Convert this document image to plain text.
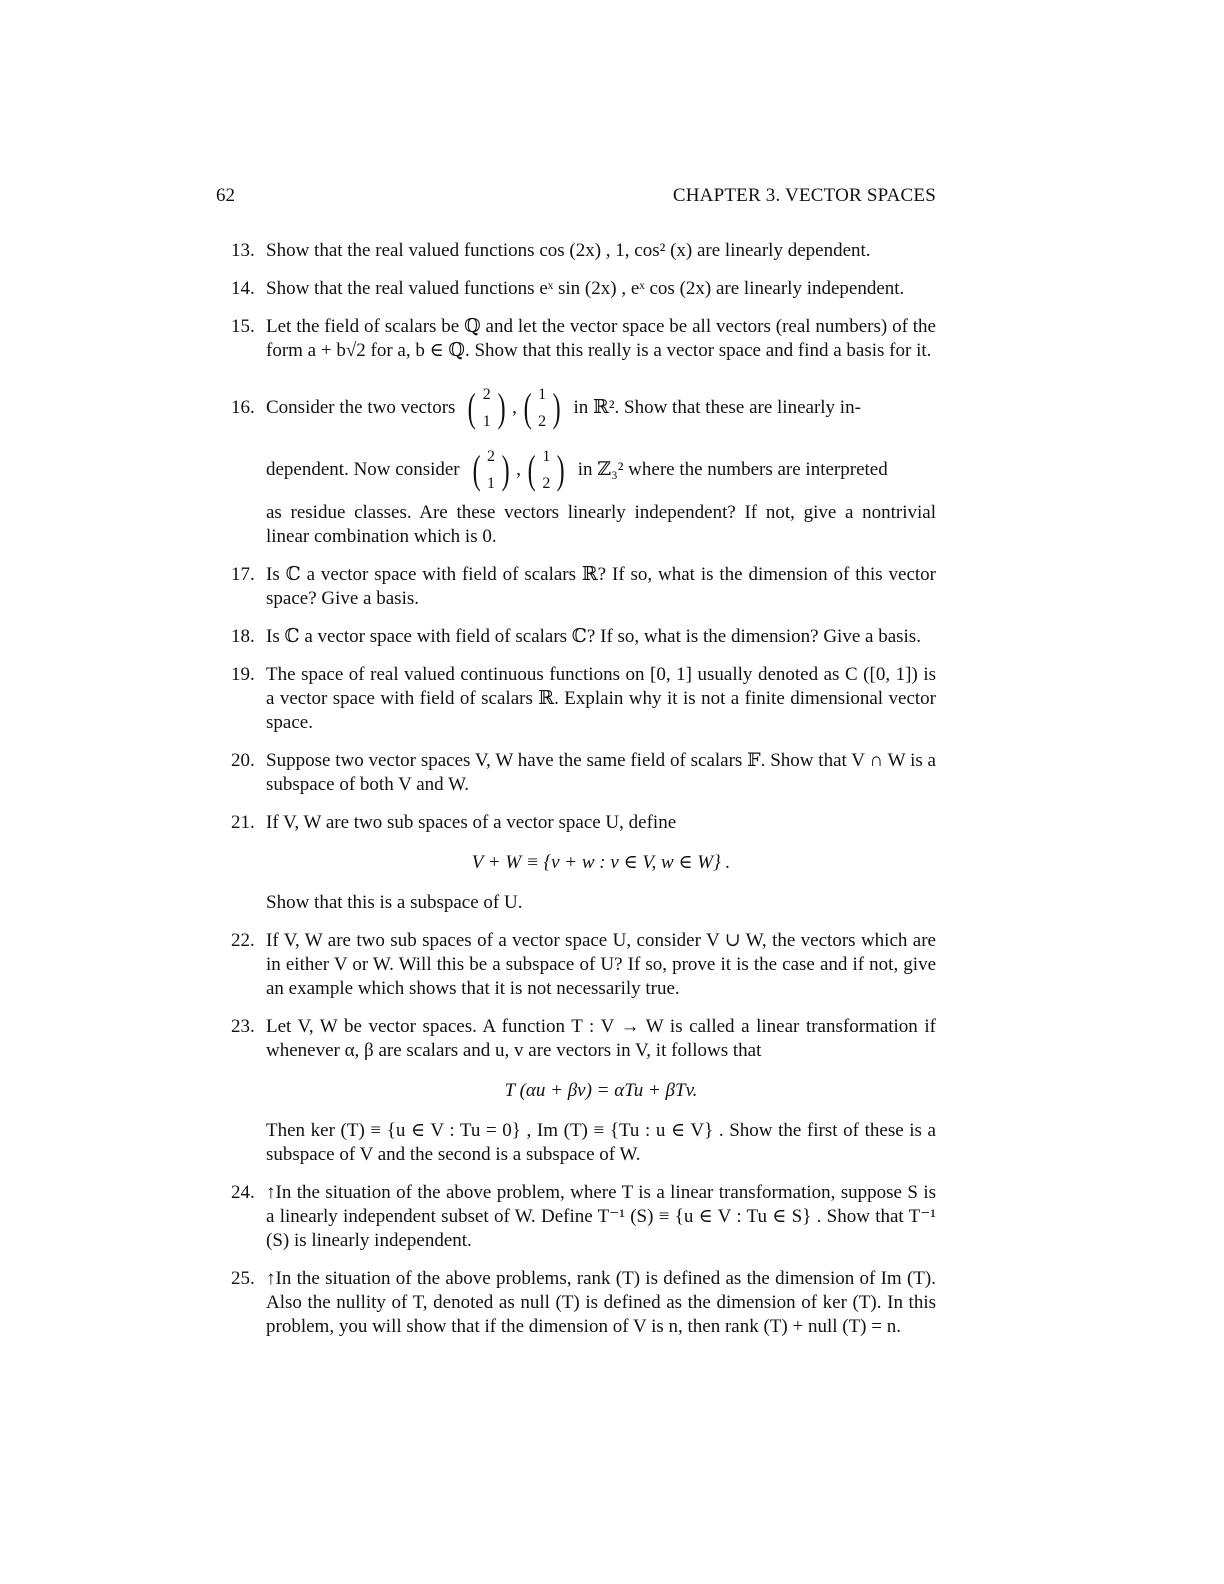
62	CHAPTER 3. VECTOR SPACES
13. Show that the real valued functions cos (2x) , 1, cos² (x) are linearly dependent.
14. Show that the real valued functions eˣ sin (2x) , eˣ cos (2x) are linearly independent.
15. Let the field of scalars be ℚ and let the vector space be all vectors (real numbers) of the form a + b√2 for a, b ∈ ℚ. Show that this really is a vector space and find a basis for it.
16. Consider the two vectors ( 2
1 ) , ( 1
2 ) in ℝ². Show that these are linearly in-
dependent. Now consider ( 2
1 ) , ( 1
2 ) in ℤ₃² where the numbers are interpreted
as residue classes. Are these vectors linearly independent? If not, give a nontrivial linear combination which is 0.
17. Is ℂ a vector space with field of scalars ℝ? If so, what is the dimension of this vector space? Give a basis.
18. Is ℂ a vector space with field of scalars ℂ? If so, what is the dimension? Give a basis.
19. The space of real valued continuous functions on [0, 1] usually denoted as C ([0, 1]) is a vector space with field of scalars ℝ. Explain why it is not a finite dimensional vector space.
20. Suppose two vector spaces V, W have the same field of scalars 𝔽. Show that V ∩ W is a subspace of both V and W.
21. If V, W are two sub spaces of a vector space U, define
V + W ≡ {v + w : v ∈ V, w ∈ W} .
Show that this is a subspace of U.
22. If V, W are two sub spaces of a vector space U, consider V ∪ W, the vectors which are in either V or W. Will this be a subspace of U? If so, prove it is the case and if not, give an example which shows that it is not necessarily true.
23. Let V, W be vector spaces. A function T : V → W is called a linear transformation if whenever α, β are scalars and u, v are vectors in V, it follows that
T (αu + βv) = αTu + βTv.
Then ker (T) ≡ {u ∈ V : Tu = 0} , Im (T) ≡ {Tu : u ∈ V} . Show the first of these is a subspace of V and the second is a subspace of W.
24. ↑In the situation of the above problem, where T is a linear transformation, suppose S is a linearly independent subset of W. Define T⁻¹ (S) ≡ {u ∈ V : Tu ∈ S} . Show that T⁻¹ (S) is linearly independent.
25. ↑In the situation of the above problems, rank (T) is defined as the dimension of Im (T). Also the nullity of T, denoted as null (T) is defined as the dimension of ker (T). In this problem, you will show that if the dimension of V is n, then rank (T) + null (T) = n.
